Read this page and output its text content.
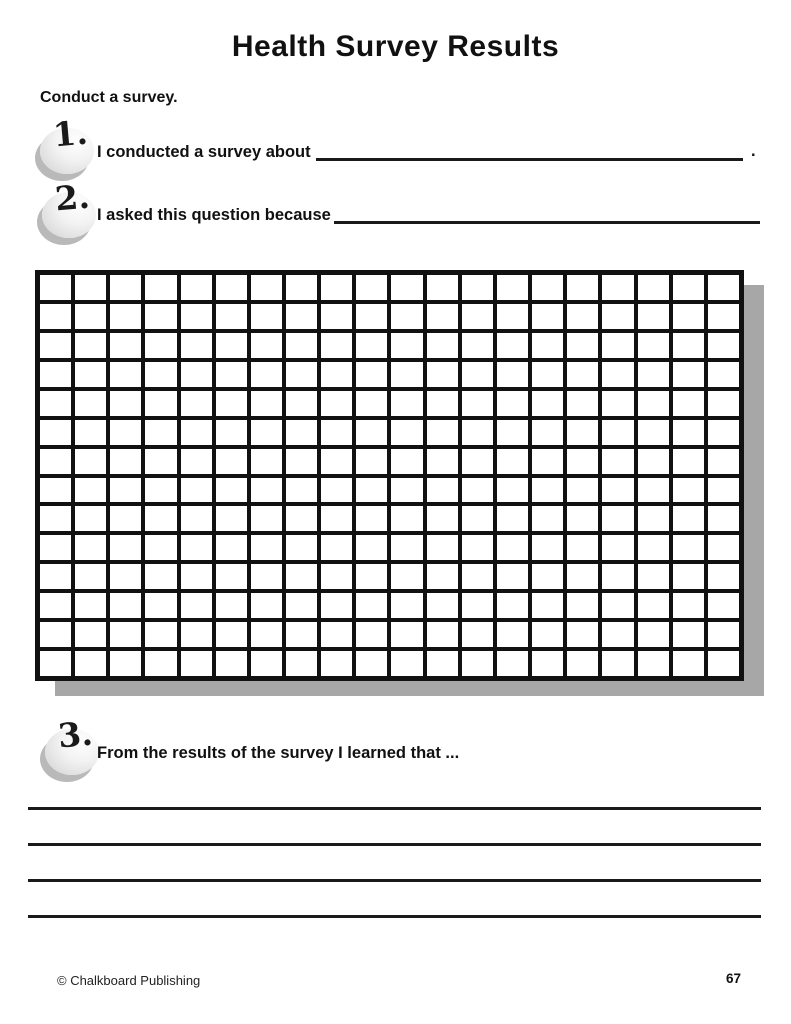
Health Survey Results
Conduct a survey.
1. I conducted a survey about	.
2. I asked this question because
3. From the results of the survey I learned that ...
© Chalkboard Publishing	67
